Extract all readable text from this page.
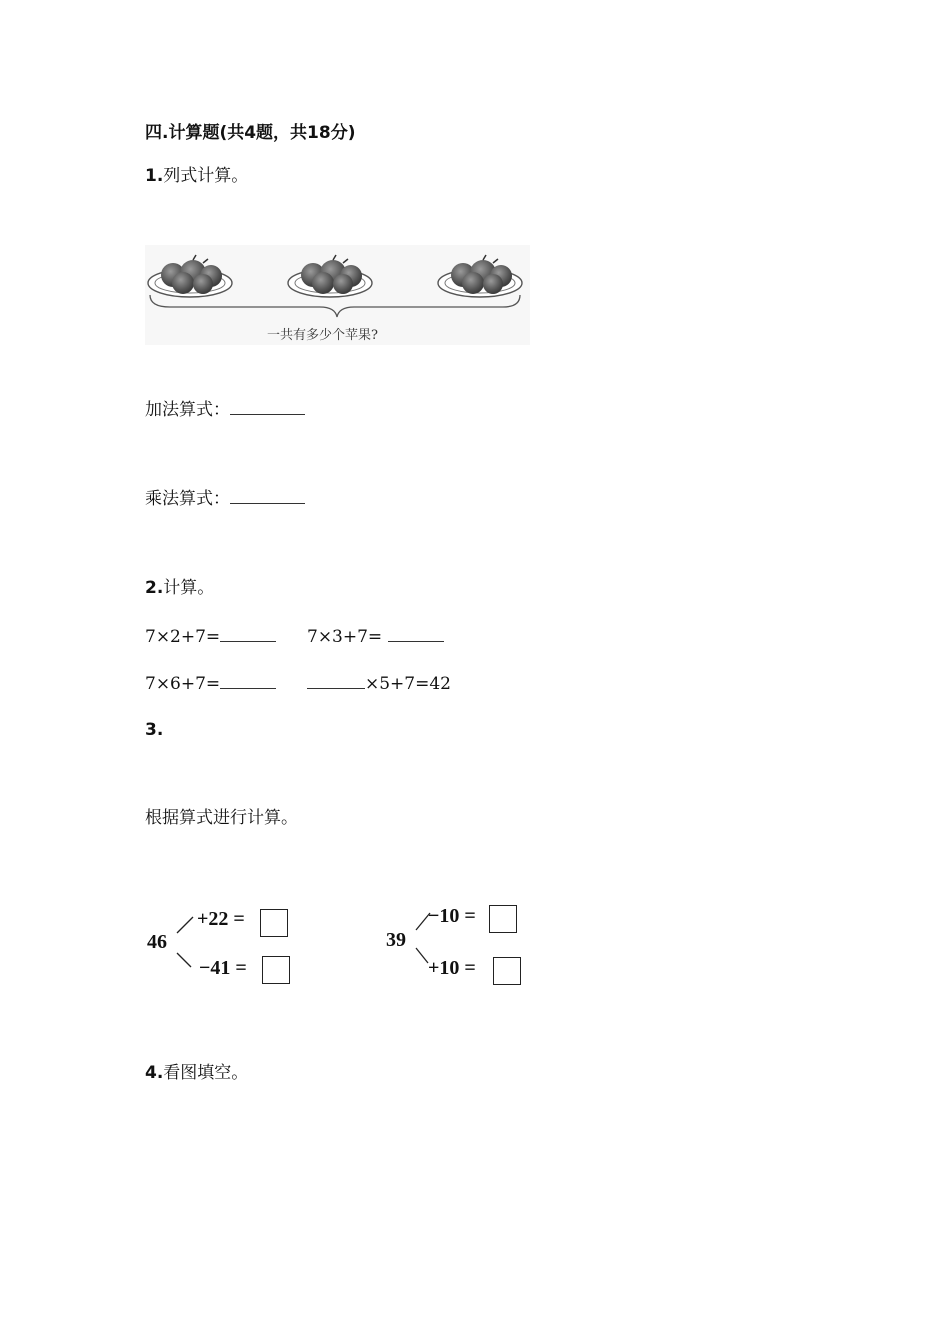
四.计算题(共4题，共18分)
1.列式计算。
一共有多少个苹果?
加法算式：
乘法算式：
2.计算。
7×2+7=	7×3+7=
7×6+7=	×5+7=42
3.
根据算式进行计算。
46
+22 =
−41 =
39
−10 =
+10 =
4.看图填空。
